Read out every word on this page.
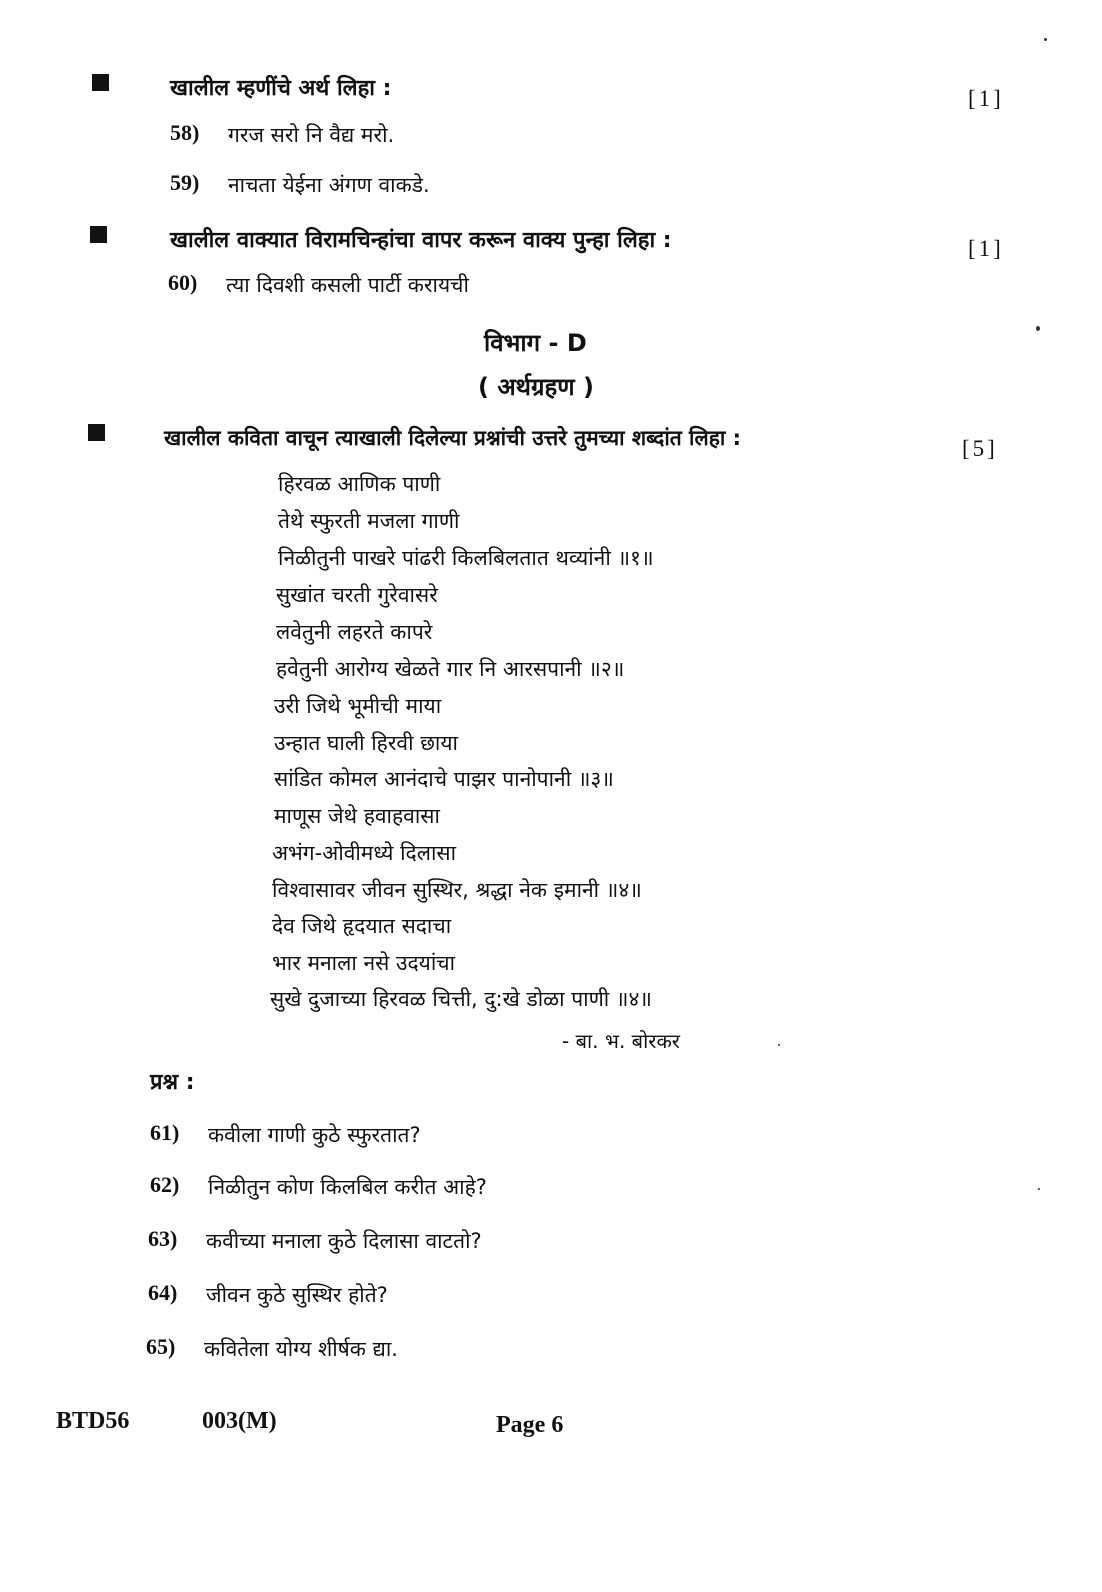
खालील म्हणींचे अर्थ लिहा :	[1]
58) गरज सरो नि वैद्य मरो.
59) नाचता येईना अंगण वाकडे.
खालील वाक्यात विरामचिन्हांचा वापर करून वाक्य पुन्हा लिहा :	[1]
60) त्या दिवशी कसली पार्टी करायची
विभाग - D
( अर्थग्रहण )
खालील कविता वाचून त्याखाली दिलेल्या प्रश्नांची उत्तरे तुमच्या शब्दांत लिहा :	[5]
हिरवळ आणिक पाणी
तेथे स्फुरती मजला गाणी
निळीतुनी पाखरे पांढरी किलबिलतात थव्यांनी ॥१॥
सुखांत चरती गुरेवासरे
लवेतुनी लहरते कापरे
हवेतुनी आरोग्य खेळते गार नि आरसपानी ॥२॥
उरी जिथे भूमीची माया
उन्हात घाली हिरवी छाया
सांडित कोमल आनंदाचे पाझर पानोपानी ॥३॥
माणूस जेथे हवाहवासा
अभंग-ओवीमध्ये दिलासा
विश्वासावर जीवन सुस्थिर, श्रद्धा नेक इमानी ॥४॥
देव जिथे हृदयात सदाचा
भार मनाला नसे उदयांचा
सुखे दुजाच्या हिरवळ चित्ती, दु:खे डोळा पाणी ॥४॥
- बा. भ. बोरकर
प्रश्न :
61) कवीला गाणी कुठे स्फुरतात?
62) निळीतुन कोण किलबिल करीत आहे?
63) कवीच्या मनाला कुठे दिलासा वाटतो?
64) जीवन कुठे सुस्थिर होते?
65) कवितेला योग्य शीर्षक द्या.
BTD56	003(M)	Page 6
